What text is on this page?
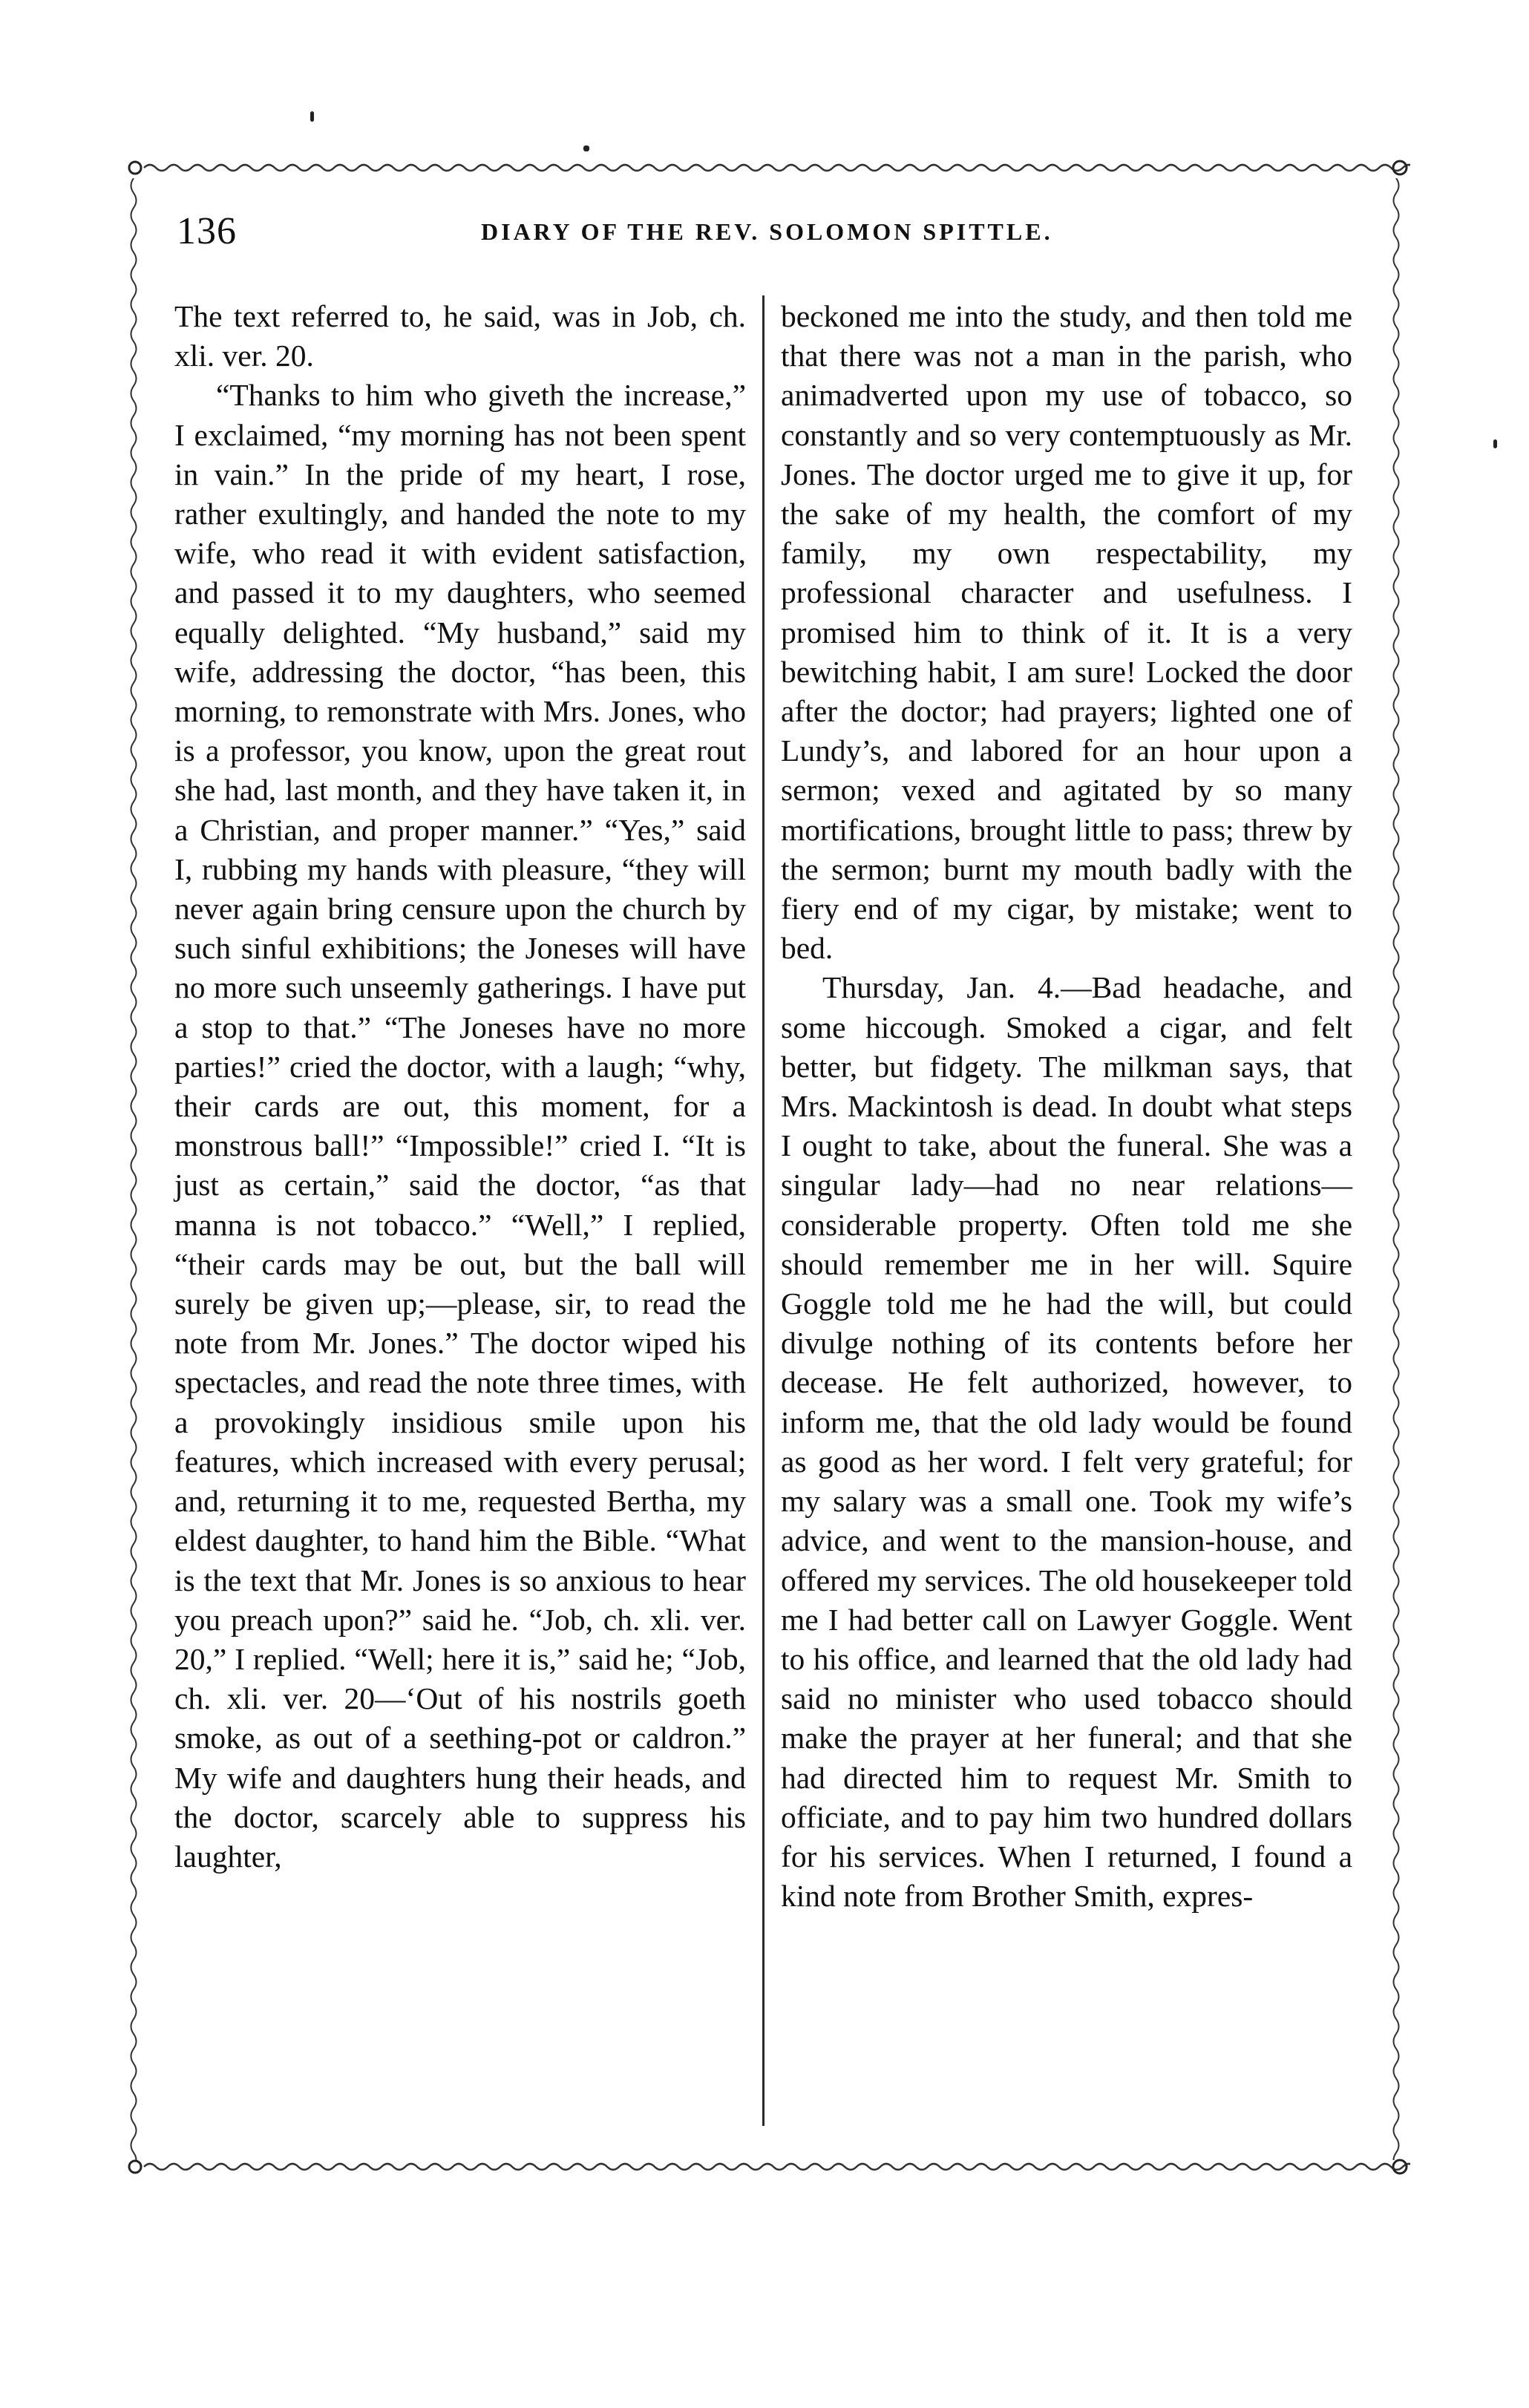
136	DIARY OF THE REV. SOLOMON SPITTLE.

The text referred to, he said, was in Job, ch. xli. ver. 20.

“Thanks to him who giveth the increase,” I exclaimed, “my morning has not been spent in vain.” In the pride of my heart, I rose, rather exultingly, and handed the note to my wife, who read it with evident satisfaction, and passed it to my daughters, who seemed equally delighted. “My husband,” said my wife, addressing the doctor, “has been, this morning, to remonstrate with Mrs. Jones, who is a professor, you know, upon the great rout she had, last month, and they have taken it, in a Christian, and proper manner.” “Yes,” said I, rubbing my hands with pleasure, “they will never again bring censure upon the church by such sinful exhibitions; the Joneses will have no more such unseemly gatherings. I have put a stop to that.” “The Joneses have no more parties!” cried the doctor, with a laugh; “why, their cards are out, this moment, for a monstrous ball!” “Impossible!” cried I. “It is just as certain,” said the doctor, “as that manna is not tobacco.” “Well,” I replied, “their cards may be out, but the ball will surely be given up;—please, sir, to read the note from Mr. Jones.” The doctor wiped his spectacles, and read the note three times, with a provokingly insidious smile upon his features, which increased with every perusal; and, returning it to me, requested Bertha, my eldest daughter, to hand him the Bible. “What is the text that Mr. Jones is so anxious to hear you preach upon?” said he. “Job, ch. xli. ver. 20,” I replied. “Well; here it is,” said he; “Job, ch. xli. ver. 20—‘Out of his nostrils goeth smoke, as out of a seething-pot or caldron.” My wife and daughters hung their heads, and the doctor, scarcely able to suppress his laughter,

beckoned me into the study, and then told me that there was not a man in the parish, who animadverted upon my use of tobacco, so constantly and so very contemptuously as Mr. Jones. The doctor urged me to give it up, for the sake of my health, the comfort of my family, my own respectability, my professional character and usefulness. I promised him to think of it. It is a very bewitching habit, I am sure! Locked the door after the doctor; had prayers; lighted one of Lundy’s, and labored for an hour upon a sermon; vexed and agitated by so many mortifications, brought little to pass; threw by the sermon; burnt my mouth badly with the fiery end of my cigar, by mistake; went to bed.

Thursday, Jan. 4.—Bad headache, and some hiccough. Smoked a cigar, and felt better, but fidgety. The milkman says, that Mrs. Mackintosh is dead. In doubt what steps I ought to take, about the funeral. She was a singular lady—had no near relations—considerable property. Often told me she should remember me in her will. Squire Goggle told me he had the will, but could divulge nothing of its contents before her decease. He felt authorized, however, to inform me, that the old lady would be found as good as her word. I felt very grateful; for my salary was a small one. Took my wife’s advice, and went to the mansion-house, and offered my services. The old housekeeper told me I had better call on Lawyer Goggle. Went to his office, and learned that the old lady had said no minister who used tobacco should make the prayer at her funeral; and that she had directed him to request Mr. Smith to officiate, and to pay him two hundred dollars for his services. When I returned, I found a kind note from Brother Smith, expres-
